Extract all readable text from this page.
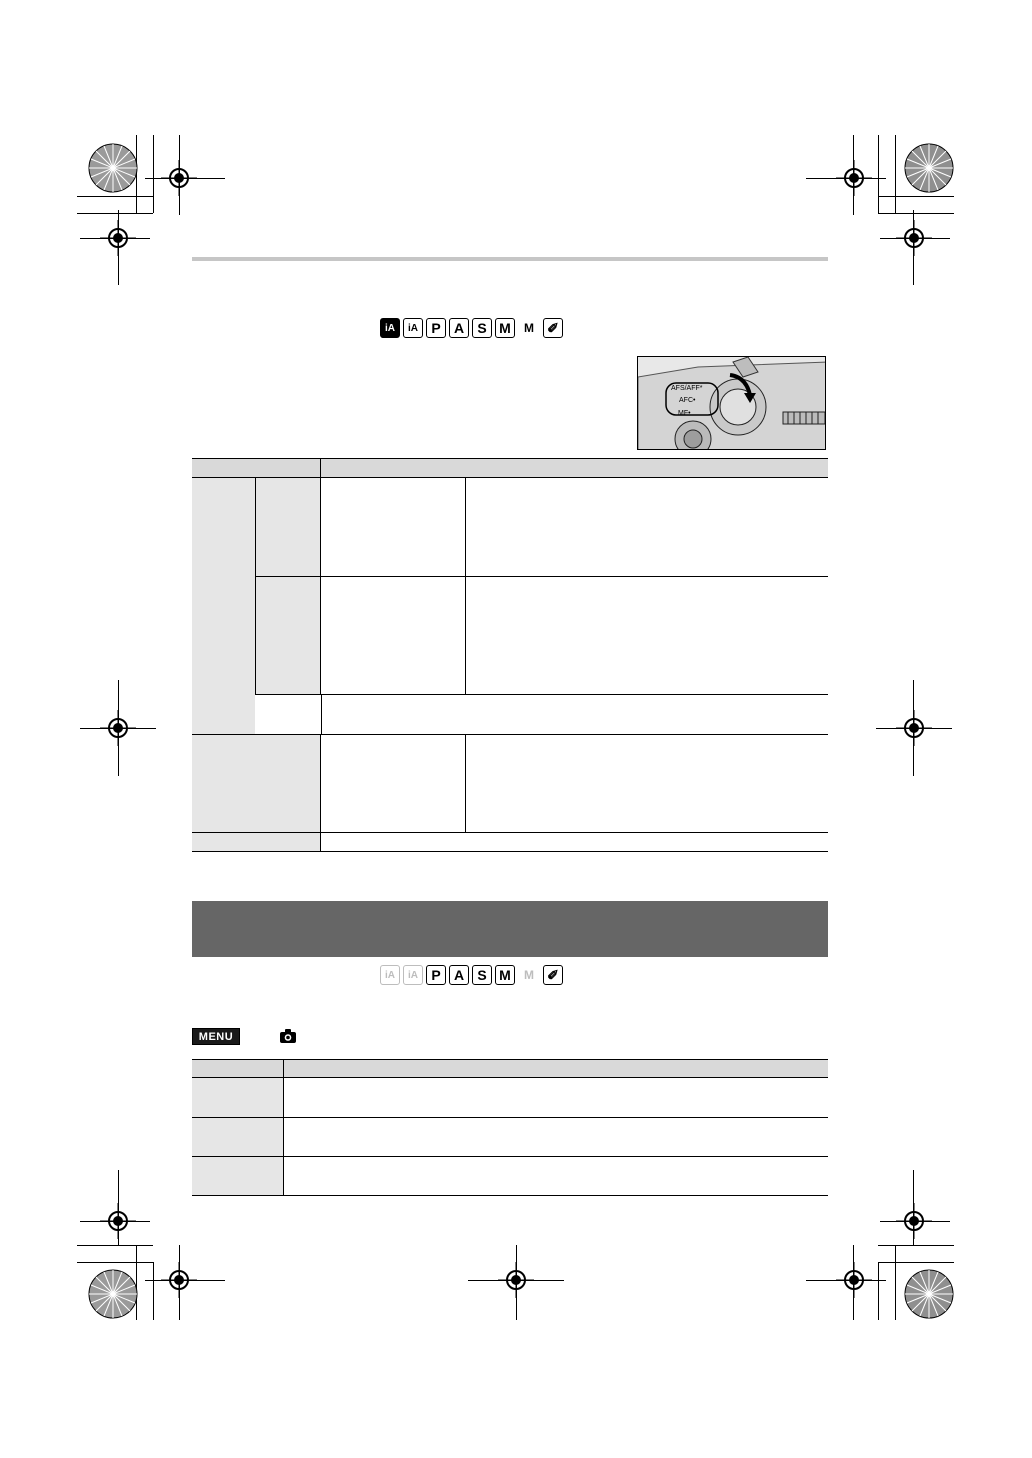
iA	iA P A S M	M ✐
AFS/AFF*
AFC•
MF•
iA	iA P A S M	M ✐
MENU
